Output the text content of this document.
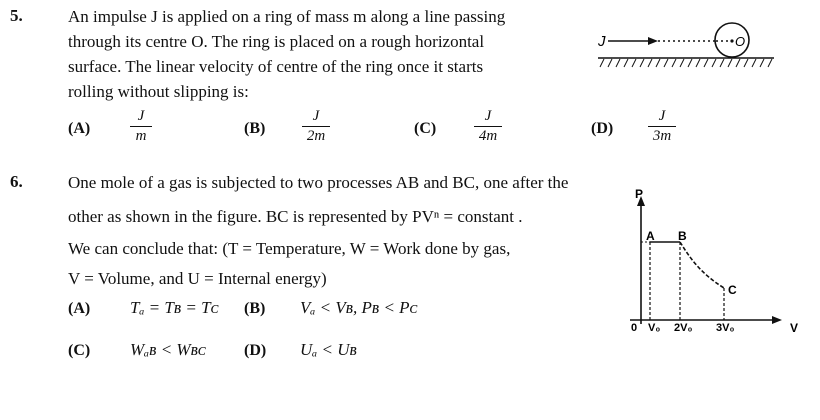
5.	An impulse J is applied on a ring of mass m along a line passing
through its centre O. The ring is placed on a rough horizontal
surface. The linear velocity of centre of the ring once it starts
rolling without slipping is:
J	O
(A)
J
m	(B)
J
2m	(C)
J
4m	(D)
J
3m
6.	One mole of a gas is subjected to two processes AB and BC, one after the
other as shown in the figure. BC is represented by PVⁿ = constant .
We can conclude that: (T = Temperature, W = Work done by gas,
V = Volume, and U = Internal energy)
(A) Tₐ = Tʙ = Tᴄ (B) Vₐ < Vʙ, Pʙ < Pᴄ
(C) Wₐʙ < Wʙᴄ (D) Uₐ < Uʙ
P
V
0
A B
C
V₀ 2V₀ 3V₀
